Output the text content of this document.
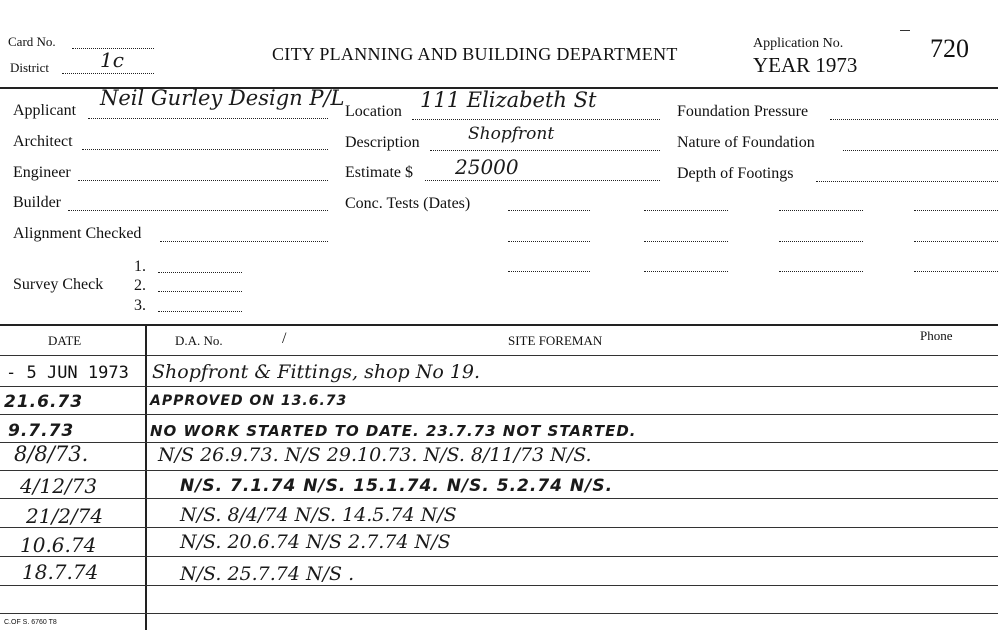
Card No.
District	1c	CITY PLANNING AND BUILDING DEPARTMENT
Application No.
YEAR 1973
720
Applicant
Neil Gurley Design P/L
Architect
Engineer
Builder
Alignment Checked
Survey Check
1.
2.
3.
Location 111 Elizabeth St
Description	Shopfront
Estimate $ 25000
Conc. Tests (Dates)
Foundation Pressure
Nature of Foundation
Depth of Footings
DATE	D.A. No.	/	SITE FOREMAN	Phone
- 5 JUN 1973 Shopfront & Fittings, shop No 19.
21.6.73	APPROVED ON 13.6.73
9.7.73	NO WORK STARTED TO DATE. 23.7.73 NOT STARTED.
8/8/73.	N/S 26.9.73. N/S 29.10.73. N/S. 8/11/73 N/S.
4/12/73	N/S. 7.1.74 N/S. 15.1.74. N/S. 5.2.74 N/S.
21/2/74	N/S. 8/4/74 N/S. 14.5.74 N/S
10.6.74	N/S. 20.6.74 N/S 2.7.74 N/S
18.7.74	N/S. 25.7.74 N/S .
C.OF S. 6760 T8
